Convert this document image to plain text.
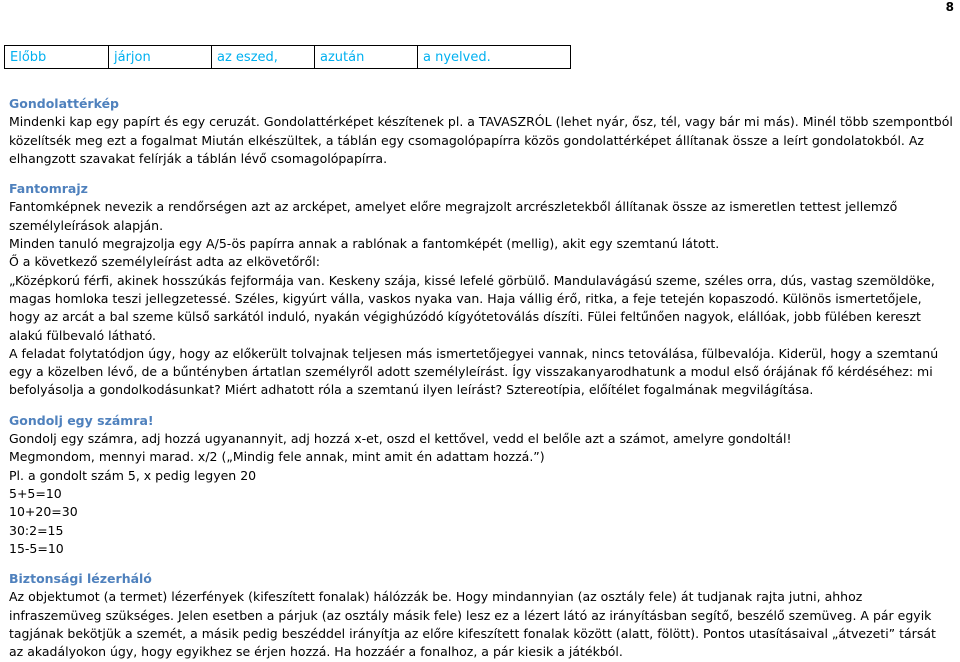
8
Előbb	járjon	az eszed,	azután	a nyelved.

Gondolattérkép

Mindenki kap egy papírt és egy ceruzát. Gondolattérképet készítenek pl. a TAVASZRÓL (lehet nyár, ősz, tél, vagy bár mi más). Minél több szempontból közelítsék meg ezt a fogalmat Miután elkészültek, a táblán egy csomagolópapírra közös gondolattérképet állítanak össze a leírt gondolatokból. Az elhangzott szavakat felírják a táblán lévő csomagolópapírra.

Fantomrajz

Fantomképnek nevezik a rendőrségen azt az arcképet, amelyet előre megrajzolt arcrészletekből állítanak össze az ismeretlen tettest jellemző személyleírások alapján.

Minden tanuló megrajzolja egy A/5-ös papírra annak a rablónak a fantomképét (mellig), akit egy szemtanú látott.

Ő a következő személyleírást adta az elkövetőről:

„Középkorú férfi, akinek hosszúkás fejformája van. Keskeny szája, kissé lefelé görbülő. Mandulavágású szeme, széles orra, dús, vastag szemöldöke, magas homloka teszi jellegzetessé. Széles, kigyúrt válla, vaskos nyaka van. Haja vállig érő, ritka, a feje tetején kopaszodó. Különös ismertetőjele, hogy az arcát a bal szeme külső sarkától induló, nyakán végighúzódó kígyótetoválás díszíti. Fülei feltűnően nagyok, elállóak, jobb fülében kereszt alakú fülbevaló látható.

A feladat folytatódjon úgy, hogy az előkerült tolvajnak teljesen más ismertetőjegyei vannak, nincs tetoválása, fülbevalója. Kiderül, hogy a szemtanú egy a közelben lévő, de a bűntényben ártatlan személyről adott személyleírást. Így visszakanyarodhatunk a modul első órájának fő kérdéséhez: mi befolyásolja a gondolkodásunkat? Miért adhatott róla a szemtanú ilyen leírást? Sztereotípia, előítélet fogalmának megvilágítása.

Gondolj egy számra!

Gondolj egy számra, adj hozzá ugyanannyit, adj hozzá x-et, oszd el kettővel, vedd el belőle azt a számot, amelyre gondoltál!

Megmondom, mennyi marad. x/2 („Mindig fele annak, mint amit én adattam hozzá.”)

Pl. a gondolt szám 5, x pedig legyen 20

5+5=10

10+20=30

30:2=15

15-5=10

Biztonsági lézerháló

Az objektumot (a termet) lézerfények (kifeszített fonalak) hálózzák be. Hogy mindannyian (az osztály fele) át tudjanak rajta jutni, ahhoz infraszemüveg szükséges. Jelen esetben a párjuk (az osztály másik fele) lesz ez a lézert látó az irányításban segítő, beszélő szemüveg. A pár egyik tagjának bekötjük a szemét, a másik pedig beszéddel irányítja az előre kifeszített fonalak között (alatt, fölött). Pontos utasításaival „átvezeti” társát az akadályokon úgy, hogy egyikhez se érjen hozzá. Ha hozzáér a fonalhoz, a pár kiesik a játékból.
